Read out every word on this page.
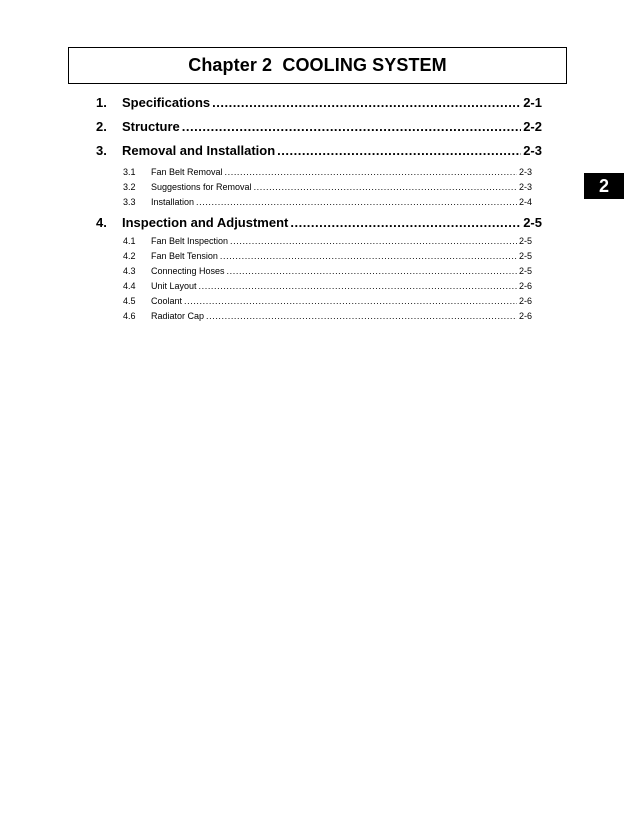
Chapter 2  COOLING SYSTEM
2
1. Specifications .....	2-1
2. Structure .....	2-2
3. Removal and Installation .....	2-3
3.1 Fan Belt Removal .....	2-3
3.2 Suggestions for Removal .....	2-3
3.3 Installation .....	2-4
4. Inspection and Adjustment .....	2-5
4.1 Fan Belt Inspection .....	2-5
4.2 Fan Belt Tension .....	2-5
4.3 Connecting Hoses .....	2-5
4.4 Unit Layout .....	2-6
4.5 Coolant .....	2-6
4.6 Radiator Cap .....	2-6
